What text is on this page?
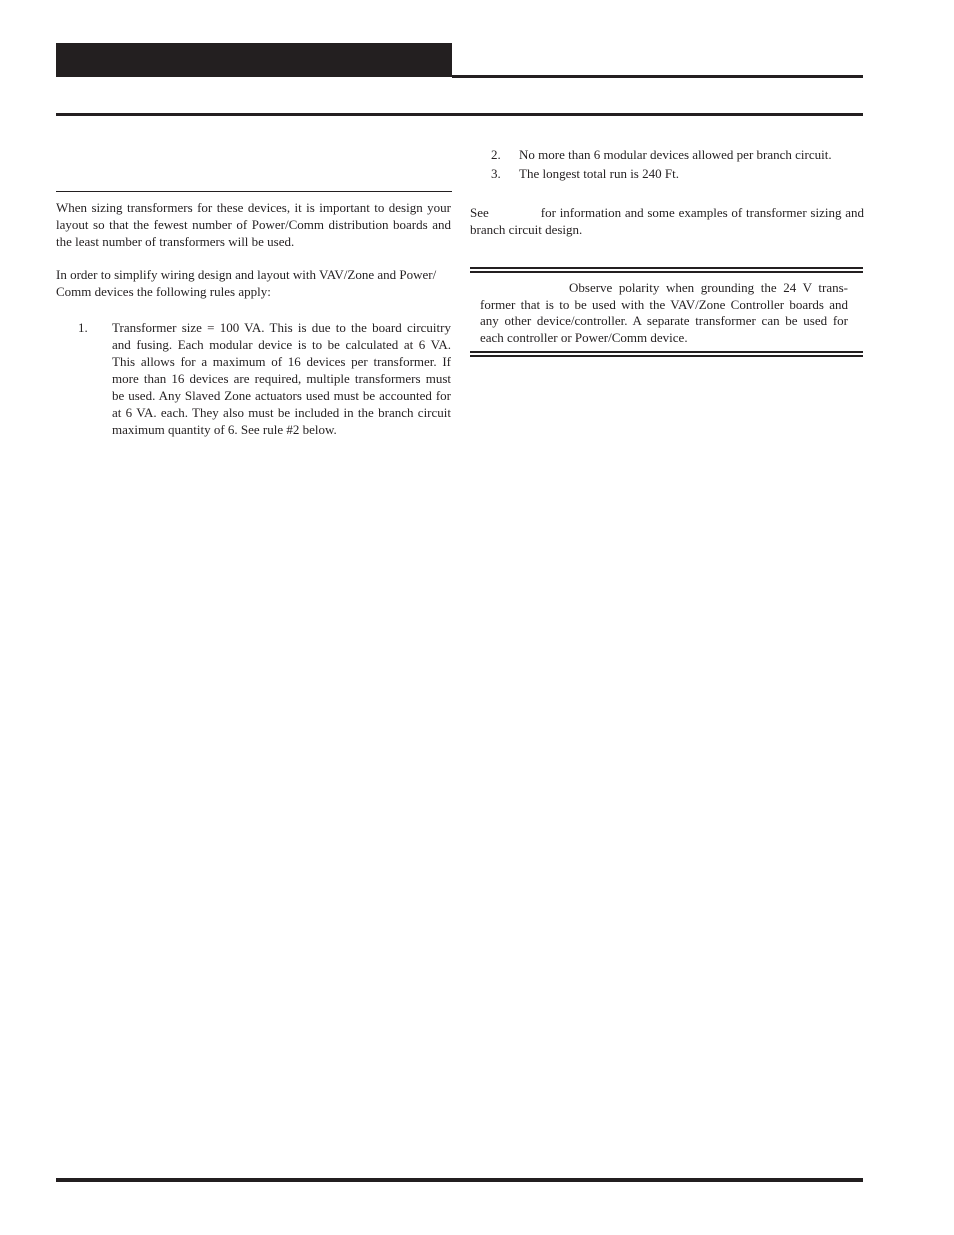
When sizing transformers for these devices, it is important to design your layout so that the fewest number of Power/Comm distribution boards and the least number of transformers will be used.

In order to simplify wiring design and layout with VAV/Zone and Power/ Comm devices the following rules apply:

1. Transformer size = 100 VA. This is due to the board circuitry and fusing. Each modular device is to be calculated at 6 VA. This allows for a maximum of 16 devices per transformer. If more than 16 devices are required, multiple transformers must be used. Any Slaved Zone actuators used must be accounted for at 6 VA. each. They also must be included in the branch circuit maximum quantity of 6. See rule #2 below.
2. No more than 6 modular devices allowed per branch circuit.
3. The longest total run is 240 Ft.

See	for information and some examples of transformer sizing and branch circuit design.

Observe polarity when grounding the 24 V trans-former that is to be used with the VAV/Zone Controller boards and any other device/controller. A separate transformer can be used for each controller or Power/Comm device.
